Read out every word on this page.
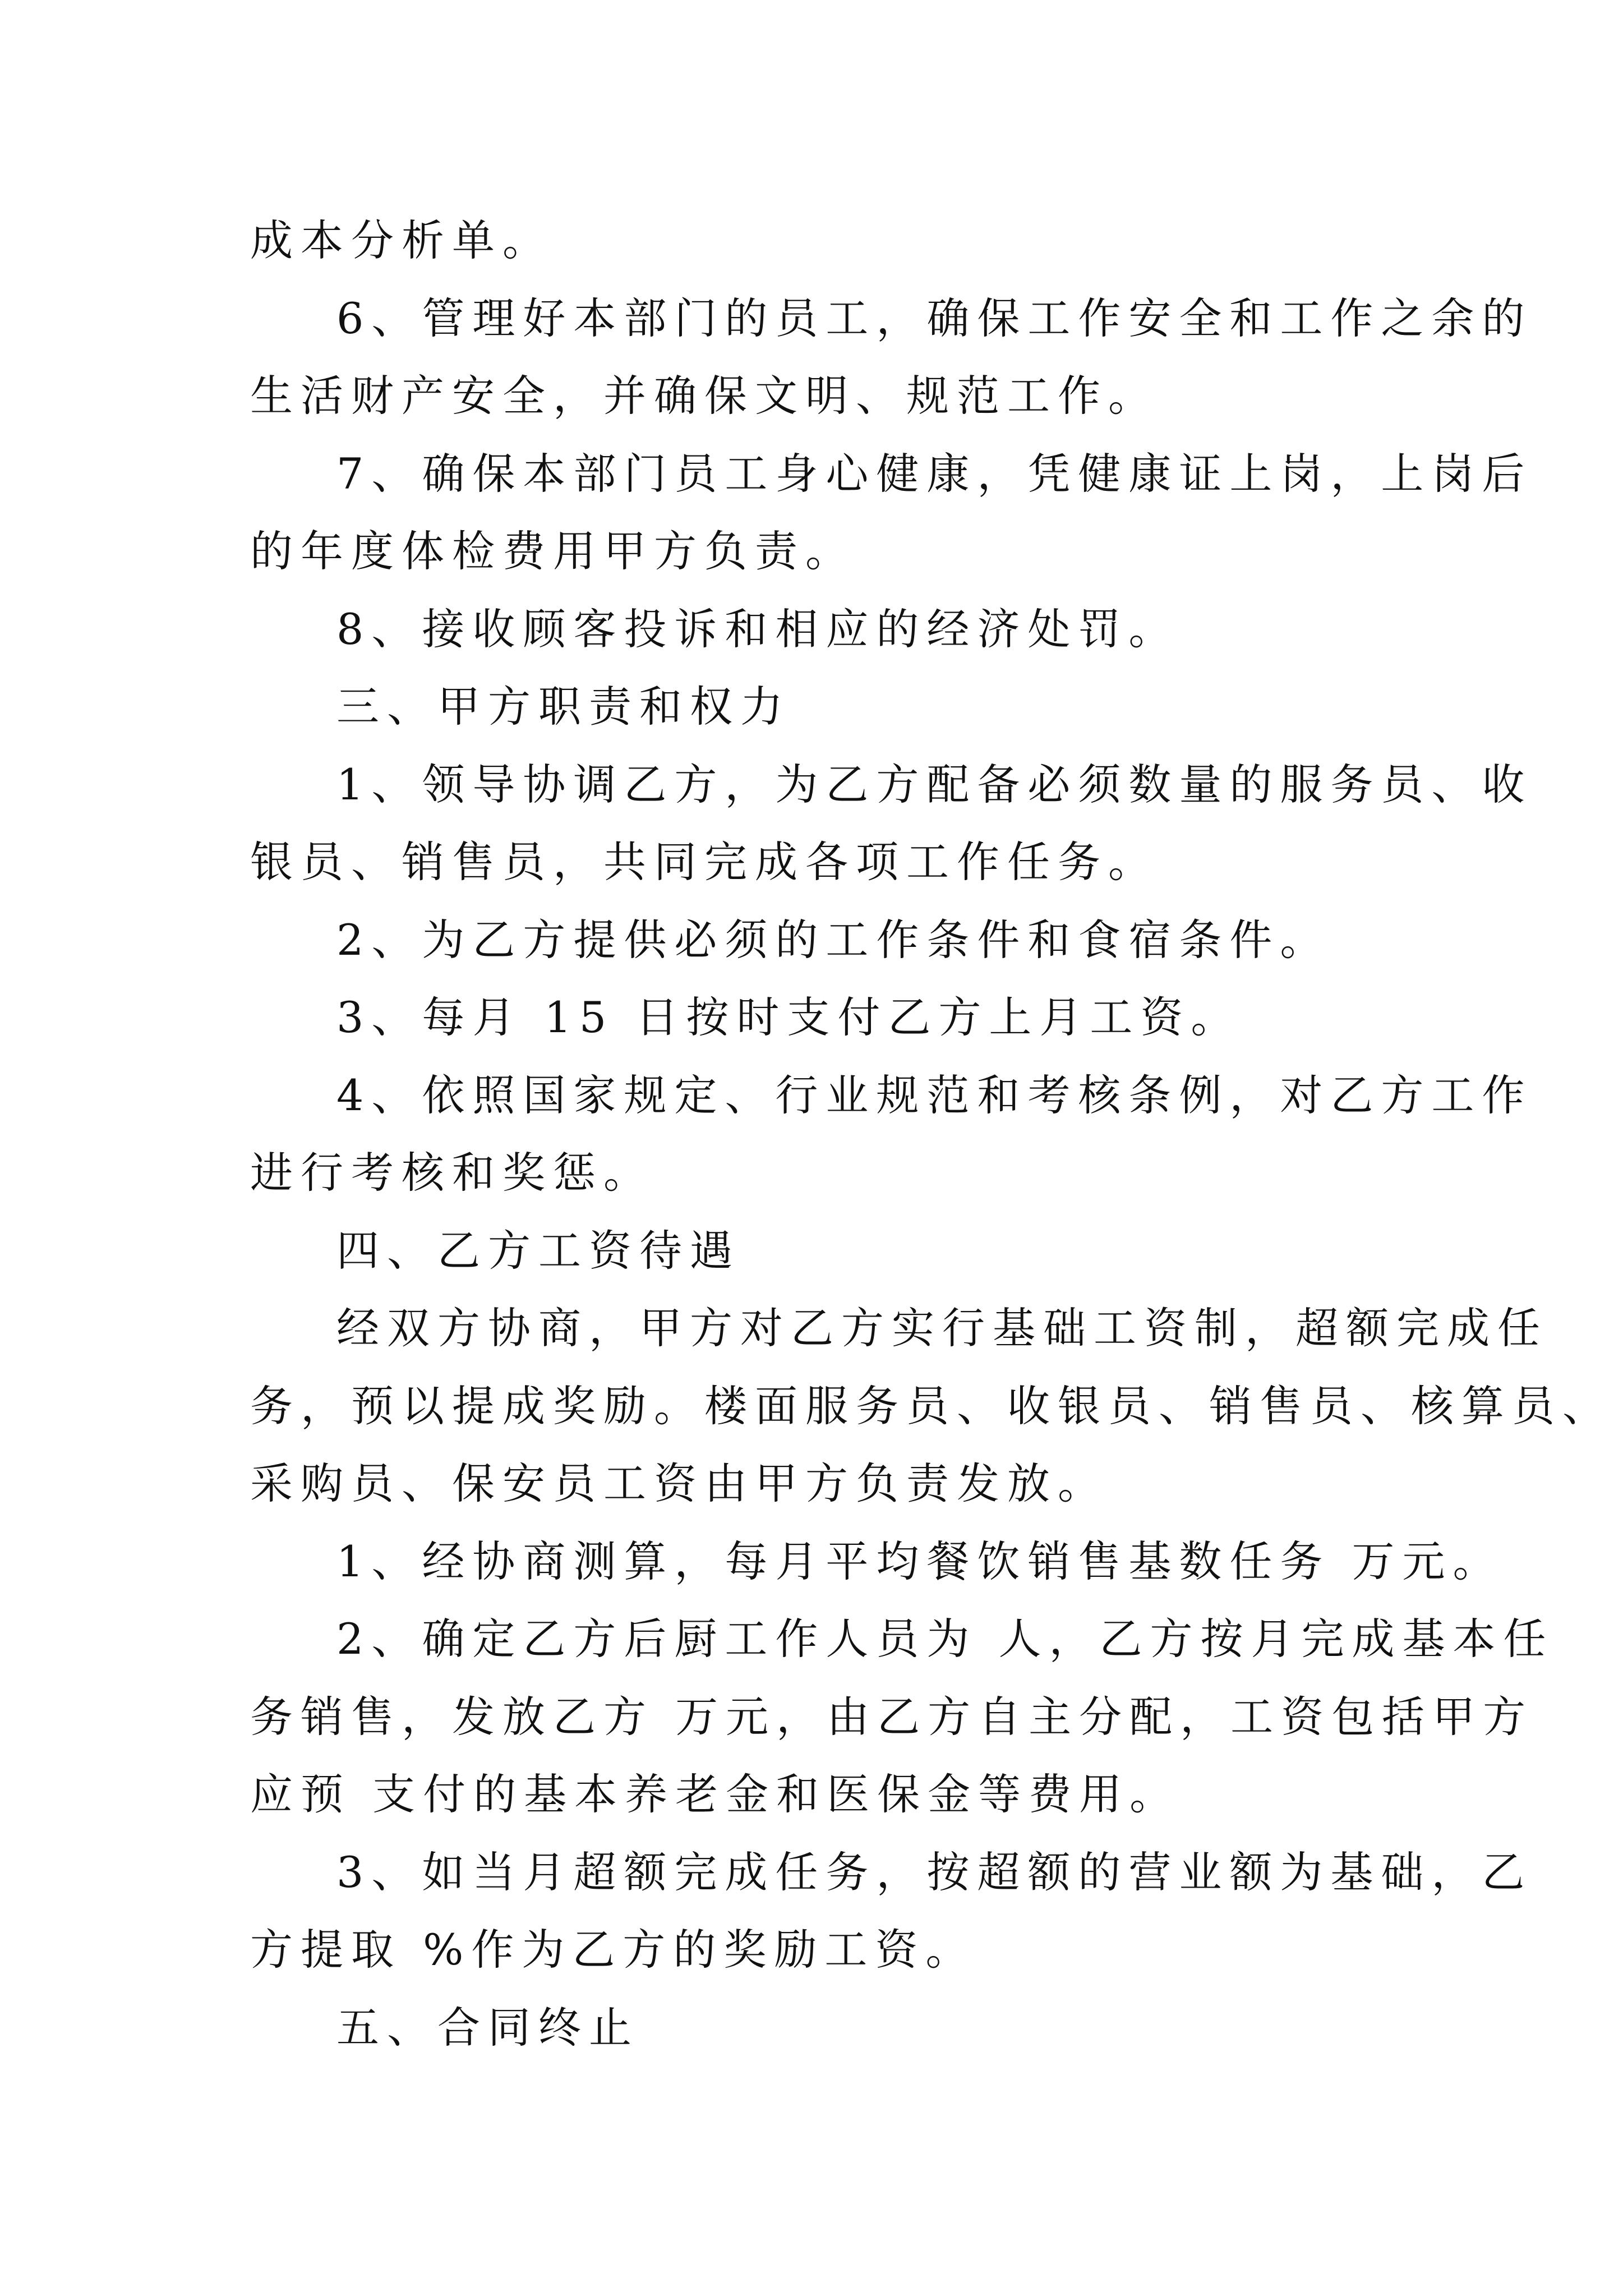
成本分析单。
6、管理好本部门的员工，确保工作安全和工作之余的
生活财产安全，并确保文明、规范工作。
7、确保本部门员工身心健康，凭健康证上岗，上岗后
的年度体检费用甲方负责。
8、接收顾客投诉和相应的经济处罚。
三、甲方职责和权力
1、领导协调乙方，为乙方配备必须数量的服务员、收
银员、销售员，共同完成各项工作任务。
2、为乙方提供必须的工作条件和食宿条件。
3、每月 15 日按时支付乙方上月工资。
4、依照国家规定、行业规范和考核条例，对乙方工作
进行考核和奖惩。
四、乙方工资待遇
经双方协商，甲方对乙方实行基础工资制，超额完成任
务，预以提成奖励。楼面服务员、收银员、销售员、核算员、
采购员、保安员工资由甲方负责发放。
1、经协商测算，每月平均餐饮销售基数任务 万元。
2、确定乙方后厨工作人员为 人，乙方按月完成基本任
务销售，发放乙方 万元，由乙方自主分配，工资包括甲方
应预 支付的基本养老金和医保金等费用。
3、如当月超额完成任务，按超额的营业额为基础，乙
方提取 %作为乙方的奖励工资。
五、合同终止
